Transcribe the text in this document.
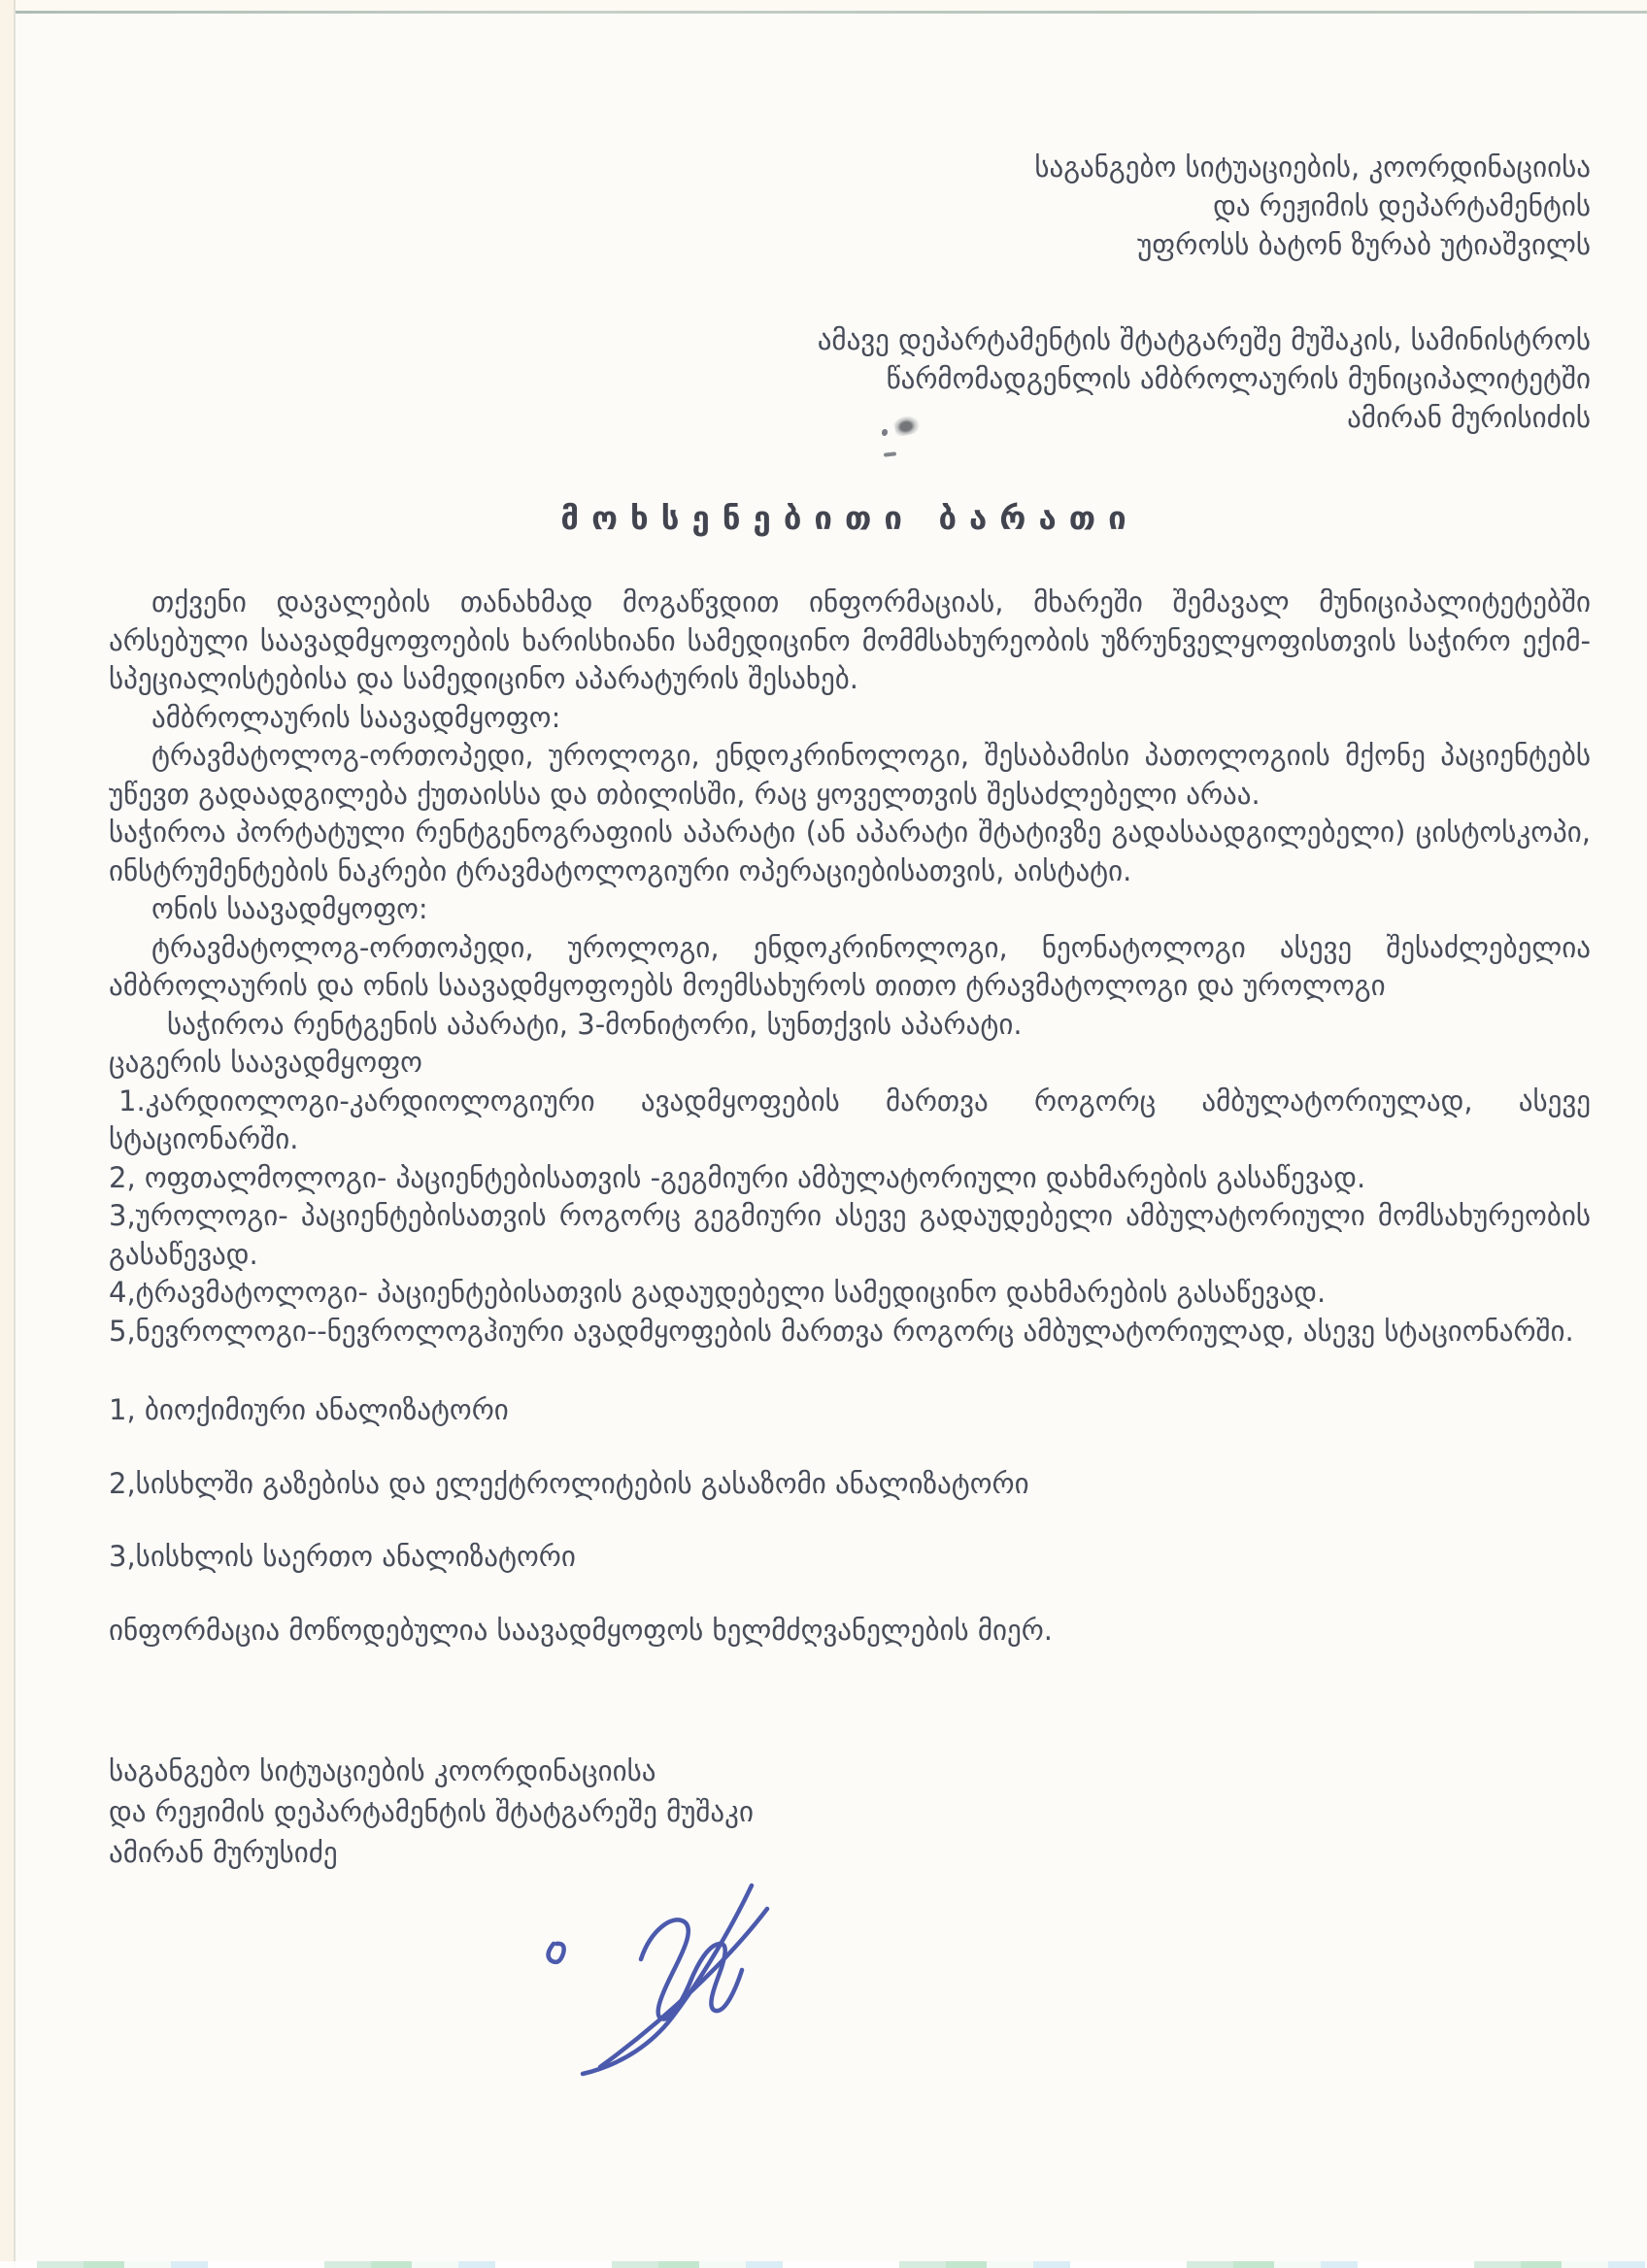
საგანგებო სიტუაციების, კოორდინაციისა

და რეჟიმის დეპარტამენტის

უფროსს ბატონ ზურაბ უტიაშვილს

ამავე დეპარტამენტის შტატგარეშე მუშაკის, სამინისტროს

წარმომადგენლის ამბროლაურის მუნიციპალიტეტში

ამირან მურისიძის

მოხსენებითი ბარათი

თქვენი დავალების თანახმად მოგაწვდით ინფორმაციას, მხარეში შემავალ მუნიციპალიტეტებში არსებული საავადმყოფოების ხარისხიანი სამედიცინო მომმსახურეობის უზრუნველყოფისთვის საჭირო ექიმ-სპეციალისტებისა და სამედიცინო აპარატურის შესახებ.

ამბროლაურის საავადმყოფო:

ტრავმატოლოგ-ორთოპედი, უროლოგი, ენდოკრინოლოგი, შესაბამისი პათოლოგიის მქონე პაციენტებს უწევთ გადაადგილება ქუთაისსა და თბილისში, რაც ყოველთვის შესაძლებელი არაა.

საჭიროა პორტატული რენტგენოგრაფიის აპარატი (ან აპარატი შტატივზე გადასაადგილებელი) ცისტოსკოპი, ინსტრუმენტების ნაკრები ტრავმატოლოგიური ოპერაციებისათვის, აისტატი.

ონის საავადმყოფო:

ტრავმატოლოგ-ორთოპედი, უროლოგი, ენდოკრინოლოგი, ნეონატოლოგი ასევე შესაძლებელია ამბროლაურის და ონის საავადმყოფოებს მოემსახუროს თითო ტრავმატოლოგი და უროლოგი

საჭიროა რენტგენის აპარატი, 3-მონიტორი, სუნთქვის აპარატი.

ცაგერის საავადმყოფო

1.კარდიოლოგი-კარდიოლოგიური ავადმყოფების მართვა როგორც ამბულატორიულად, ასევე სტაციონარში.

2, ოფთალმოლოგი- პაციენტებისათვის -გეგმიური ამბულატორიული დახმარების გასაწევად.

3,უროლოგი- პაციენტებისათვის როგორც გეგმიური ასევე გადაუდებელი ამბულატორიული მომსახურეობის გასაწევად.

4,ტრავმატოლოგი- პაციენტებისათვის გადაუდებელი სამედიცინო დახმარების გასაწევად.

5,ნევროლოგი--ნევროლოგჰიური ავადმყოფების მართვა როგორც ამბულატორიულად, ასევე სტაციონარში.

1, ბიოქიმიური ანალიზატორი

2,სისხლში გაზებისა და ელექტროლიტების გასაზომი ანალიზატორი

3,სისხლის საერთო ანალიზატორი

ინფორმაცია მოწოდებულია საავადმყოფოს ხელმძღვანელების მიერ.

საგანგებო სიტუაციების კოორდინაციისა

და რეჟიმის დეპარტამენტის შტატგარეშე მუშაკი

ამირან მურუსიძე
